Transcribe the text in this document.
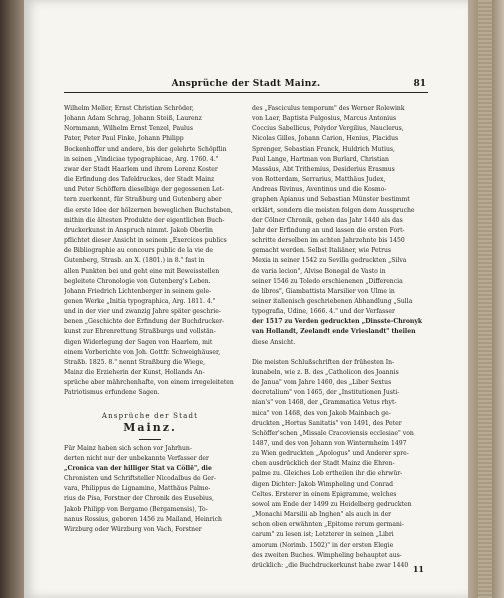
Ansprüche der Stadt Mainz.	81
Wilhelm Meller, Ernst Christian Schröder,
Johann Adam Schrag, Johann Steiß, Laurenz
Normmann, Wilhelm Ernst Tenzel, Paulus
Pater, Peter Paul Finke, Johann Philipp
Bockenhoffer und andere, bis der gelehrte Schöpflin
in seinen „Vindiciae typographicae, Arg. 1760. 4."
zwar der Stadt Haarlem und ihrem Lorenz Koster
die Erfindung des Tafeldruckes, der Stadt Mainz
und Peter Schöffern dieselbige der gegossenen Let-
tern zuerkennt, für Straßburg und Gutenberg aber
die erste Idee der hölzernen beweglichen Buchstaben,
mithin die ältesten Produkte der eigentlichen Buch-
druckerkunst in Anspruch nimmt. Jakob Oberlin
pflichtet dieser Ansicht in seinem „Exercices publics
de Bibliographie au concours public de la vie de
Gutenberg, Strasb. an X. (1801.) in 8." fast in
allen Punkten bei und geht eine mit Beweisstellen
begleitete Chronologie von Gutenberg's Leben.
Johann Friedrich Lichtenberger in seinem gele-
genen Werke „Initia typographica, Arg. 1811. 4."
und in der vier und zwanzig Jahre später geschrie-
benen „Geschichte der Erfindung der Buchdrucker-
kunst zur Ehrenrettung Straßburgs und vollstän-
digen Widerlegung der Sagen von Haarlem, mit
einem Vorberichte von Joh. Gottfr. Schweighäuser,
Straßb. 1825. 8." nennt Straßburg die Wiege,
Mainz die Erzieherin der Kunst, Hollands An-
sprüche aber mährchenhafte, von einem irregeleiteten
Patriotismus erfundene Sagen.
Ansprüche der Stadt
Mainz.
Für Mainz haben sich schon vor Jahrhun-
derten nicht nur der unbekannte Verfasser der
„Cronica van der hilliger Stat va Cöllē", die
Chronisten und Schriftsteller Nicodalbus de Ger-
vara, Philippus de Lignamine, Matthäus Palme-
rius de Pisa, Forstner der Chronik des Eusebius,
Jakob Philipp von Bergamo (Bergamensis), To-
nanus Rossius, geboren 1456 zu Mailand, Heinrich
Wirzburg oder Würzburg von Vach, Forstner
des „Fasciculus temporum" des Werner Rolewink
von Laer, Baptista Fulgosius, Marcus Antonius
Coccius Sabellicus, Polydor Vergilius, Nauclerus,
Nicolas Gilles, Johann Carion, Henius, Placidus
Sprenger, Sebastian Franck, Huldrich Mutius,
Paul Lange, Hartman von Burlard, Christian
Massäus, Abt Trithemius, Desiderius Erasmus
von Rotterdam, Serrarius, Matthäus Judex,
Andreas Rivinus, Aventinus und die Kosmo-
graphen Apianus und Sebastian Münster bestimmt
erklärt, sondern die meisten folgen dem Ausspruche
der Cölner Chronik, gehen das Jahr 1440 als das
Jahr der Erfindung an und lassen die ersten Fort-
schritte derselben im achten Jahrzehnte bis 1450
gemacht werden. Selbst Italiäner, wie Petrus
Mexia in seiner 1542 zu Sevilla gedruckten „Silva
de varia lecion", Alvise Bonegal de Vasto in
seiner 1546 zu Toledo erschienenen „Differencia
de libros", Giambattista Marsilier von Ulme in
seiner italienisch geschriebenen Abhandlung „Sulla
typografia, Udine, 1666. 4." und der Verfasser
der 1517 zu Verden gedruckten „Dinsste-Chronyk
van Hollandt, Zeelandt ende Vrieslandt" theilen
diese Ansicht.
Die meisten Schlußschriften der frühesten In-
kunabeln, wie z. B. des „Catholicon des Joannis
de Janua" vom Jahre 1460, des „Liber Sextus
decretalium" von 1465, der „Institutionen Justi-
nian's" von 1468, der „Grammatica Vetus rhyt-
mica" von 1468, des von Jakob Mainbach ge-
druckten „Hortus Sanitatis" von 1491, des Peter
Schöffer'schen „Missale Cracoviensis ecclesiae" von
1487, und des von Johann von Wintermheim 1497
zu Wien gedruckten „Apologus" und Anderer spre-
chen ausdrücklich der Stadt Mainz die Ehren-
palme zu. Gleiches Lob ertheilen ihr die ehrwür-
digen Dichter: Jakob Wimpheling und Conrad
Celtes. Ersterer in einem Epigramme, welches
sowol am Ende der 1499 zu Heidelberg gedruckten
„Monachi Marsilii ab Inghen" als auch in der
schon oben erwähnten „Epitome rerum germani-
carum" zu lesen ist; Letzterer in seinen „Libri
amorum (Norimb. 1502)" in der ersten Elegie
des zweiten Buches. Wimpheling behauptet aus-
drücklich: „die Buchdruckerkunst habe zwar 1440 11
